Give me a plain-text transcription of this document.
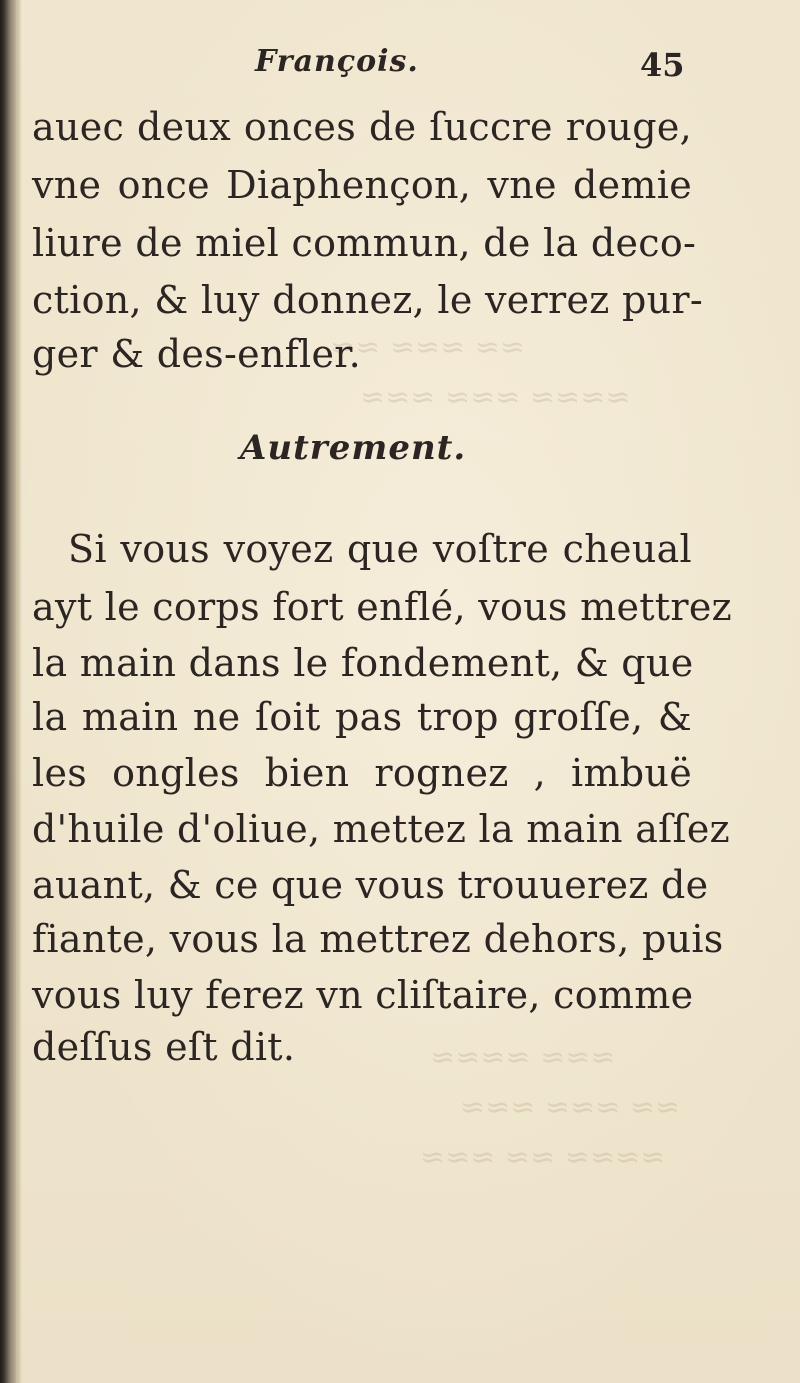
≈≈ ≈≈≈ ≈≈
≈≈≈≈ ≈≈≈ ≈≈≈
≈≈≈ ≈≈≈≈
≈≈ ≈≈≈ ≈≈≈
≈≈≈≈ ≈≈ ≈≈≈
François.	45
auec deux onces de ſuccre rouge,
vne once Diaphençon, vne demie
liure de miel commun, de la deco-
ction, & luy donnez, le verrez pur-
ger & des-enfler.
Autrement.
Si vous voyez que voſtre cheual
ayt le corps fort enflé, vous mettrez
la main dans le fondement, & que
la main ne ſoit pas trop groſſe, &
les ongles bien rognez , imbuë
d'huile d'oliue, mettez la main aſſez
auant, & ce que vous trouuerez de
fiante, vous la mettrez dehors, puis
vous luy ferez vn cliſtaire, comme
deſſus eſt dit.
